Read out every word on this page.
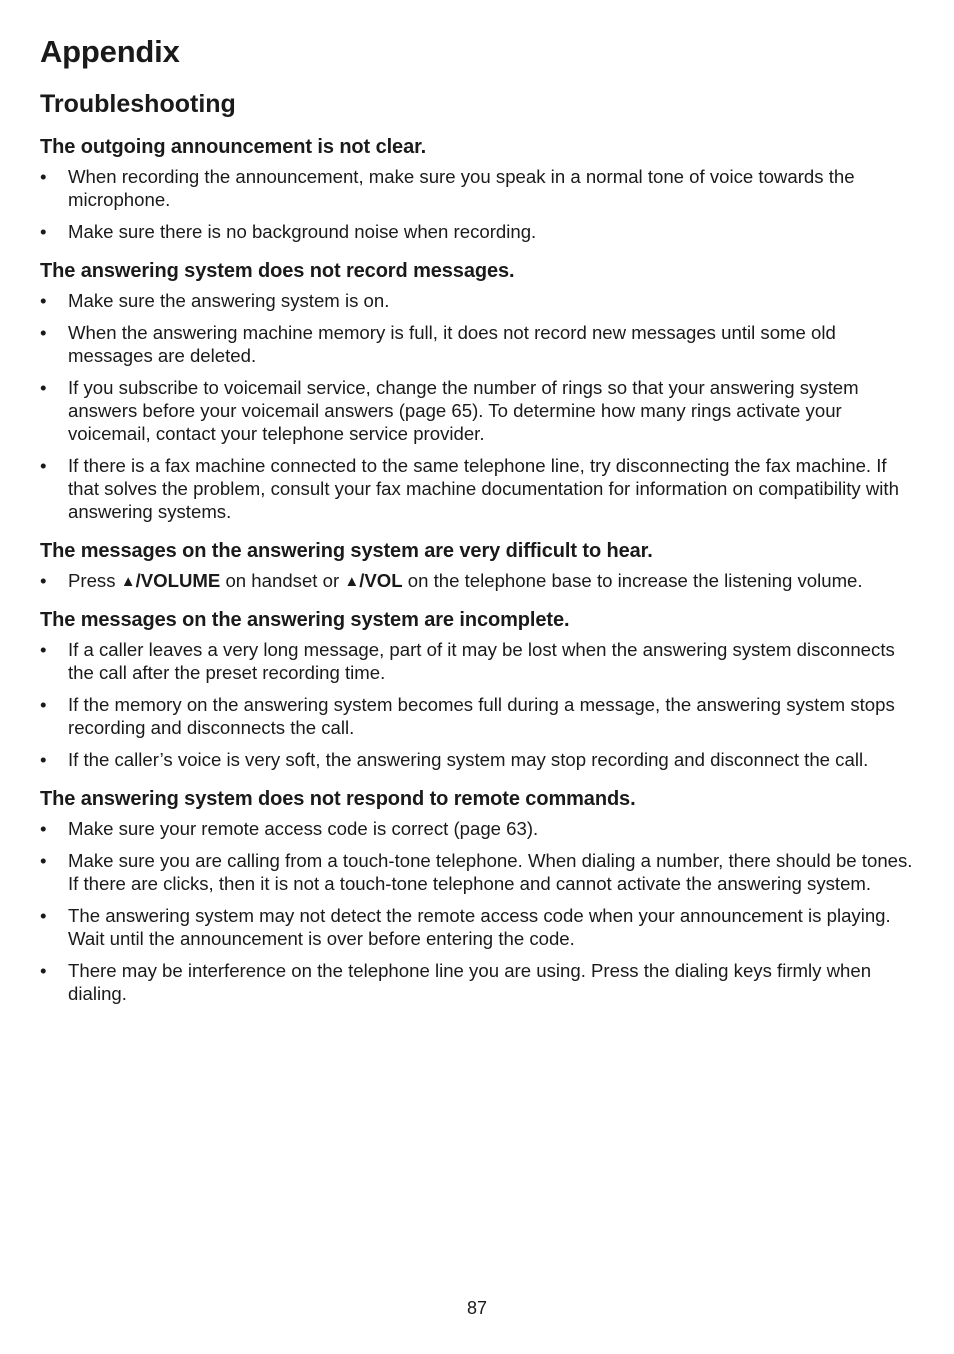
Appendix
Troubleshooting
The outgoing announcement is not clear.
• When recording the announcement, make sure you speak in a normal tone of voice towards the microphone.
• Make sure there is no background noise when recording.
The answering system does not record messages.
• Make sure the answering system is on.
• When the answering machine memory is full, it does not record new messages until some old messages are deleted.
• If you subscribe to voicemail service, change the number of rings so that your answering system answers before your voicemail answers (page 65). To determine how many rings activate your voicemail, contact your telephone service provider.
• If there is a fax machine connected to the same telephone line, try disconnecting the fax machine. If that solves the problem, consult your fax machine documentation for information on compatibility with answering systems.
The messages on the answering system are very difficult to hear.
• Press ▲/VOLUME on handset or ▲/VOL on the telephone base to increase the listening volume.
The messages on the answering system are incomplete.
• If a caller leaves a very long message, part of it may be lost when the answering system disconnects the call after the preset recording time.
• If the memory on the answering system becomes full during a message, the answering system stops recording and disconnects the call.
• If the caller’s voice is very soft, the answering system may stop recording and disconnect the call.
The answering system does not respond to remote commands.
• Make sure your remote access code is correct (page 63).
• Make sure you are calling from a touch-tone telephone. When dialing a number, there should be tones. If there are clicks, then it is not a touch-tone telephone and cannot activate the answering system.
• The answering system may not detect the remote access code when your announcement is playing. Wait until the announcement is over before entering the code.
• There may be interference on the telephone line you are using. Press the dialing keys firmly when dialing.
87
